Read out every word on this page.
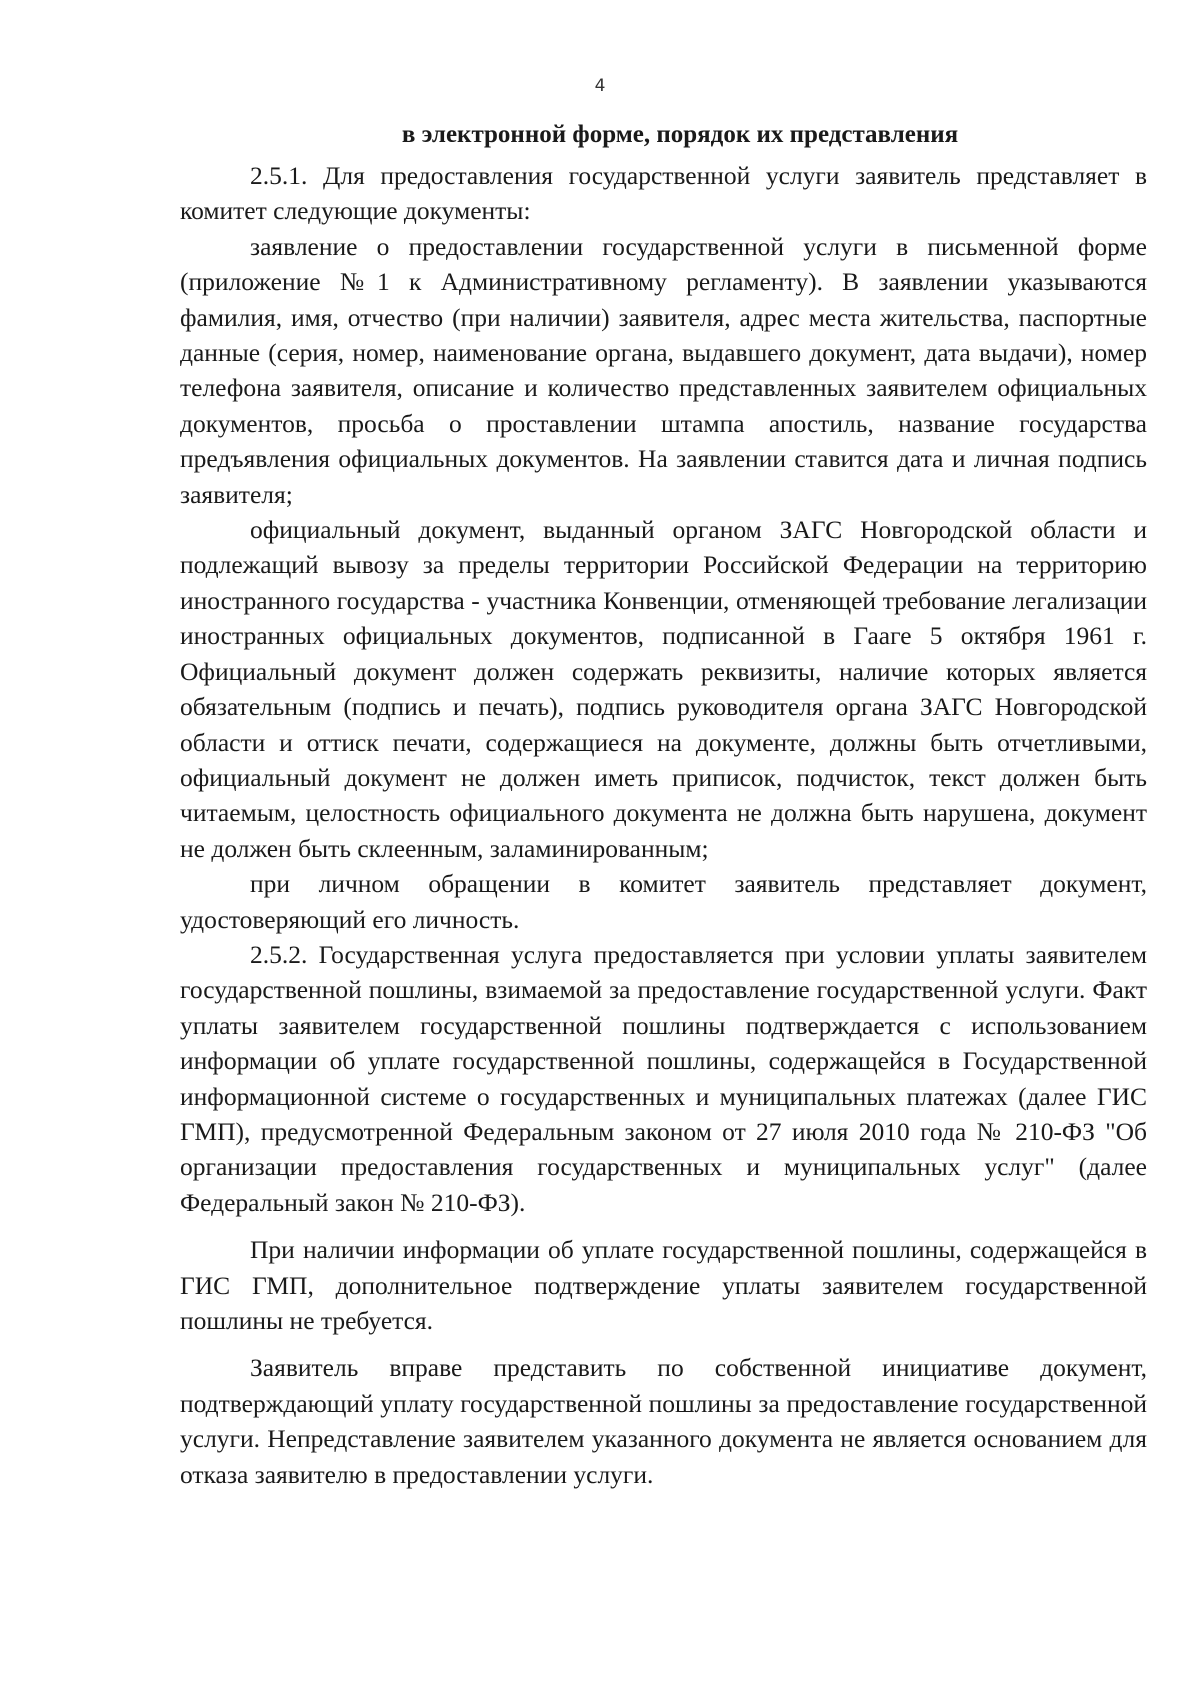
4
в электронной форме, порядок их представления

2.5.1. Для предоставления государственной услуги заявитель представляет в комитет следующие документы:

заявление о предоставлении государственной услуги в письменной форме (приложение №1 к Административному регламенту). В заявлении указываются фамилия, имя, отчество (при наличии) заявителя, адрес места жительства, паспортные данные (серия, номер, наименование органа, выдавшего документ, дата выдачи), номер телефона заявителя, описание и количество представленных заявителем официальных документов, просьба о проставлении штампа апостиль, название государства предъявления официальных документов. На заявлении ставится дата и личная подпись заявителя;

официальный документ, выданный органом ЗАГС Новгородской области и подлежащий вывозу за пределы территории Российской Федерации на территорию иностранного государства - участника Конвенции, отменяющей требование легализации иностранных официальных документов, подписанной в Гааге 5 октября 1961 г. Официальный документ должен содержать реквизиты, наличие которых является обязательным (подпись и печать), подпись руководителя органа ЗАГС Новгородской области и оттиск печати, содержащиеся на документе, должны быть отчетливыми, официальный документ не должен иметь приписок, подчисток, текст должен быть читаемым, целостность официального документа не должна быть нарушена, документ не должен быть склеенным, заламинированным;

при личном обращении в комитет заявитель представляет документ, удостоверяющий его личность.

2.5.2. Государственная услуга предоставляется при условии уплаты заявителем государственной пошлины, взимаемой за предоставление государственной услуги. Факт уплаты заявителем государственной пошлины подтверждается с использованием информации об уплате государственной пошлины, содержащейся в Государственной информационной системе о государственных и муниципальных платежах (далее ГИС ГМП), предусмотренной Федеральным законом от 27 июля 2010 года № 210-ФЗ "Об организации предоставления государственных и муниципальных услуг" (далее Федеральный закон № 210-ФЗ).

При наличии информации об уплате государственной пошлины, содержащейся в ГИС ГМП, дополнительное подтверждение уплаты заявителем государственной пошлины не требуется.

Заявитель вправе представить по собственной инициативе документ, подтверждающий уплату государственной пошлины за предоставление государственной услуги. Непредставление заявителем указанного документа не является основанием для отказа заявителю в предоставлении услуги.
